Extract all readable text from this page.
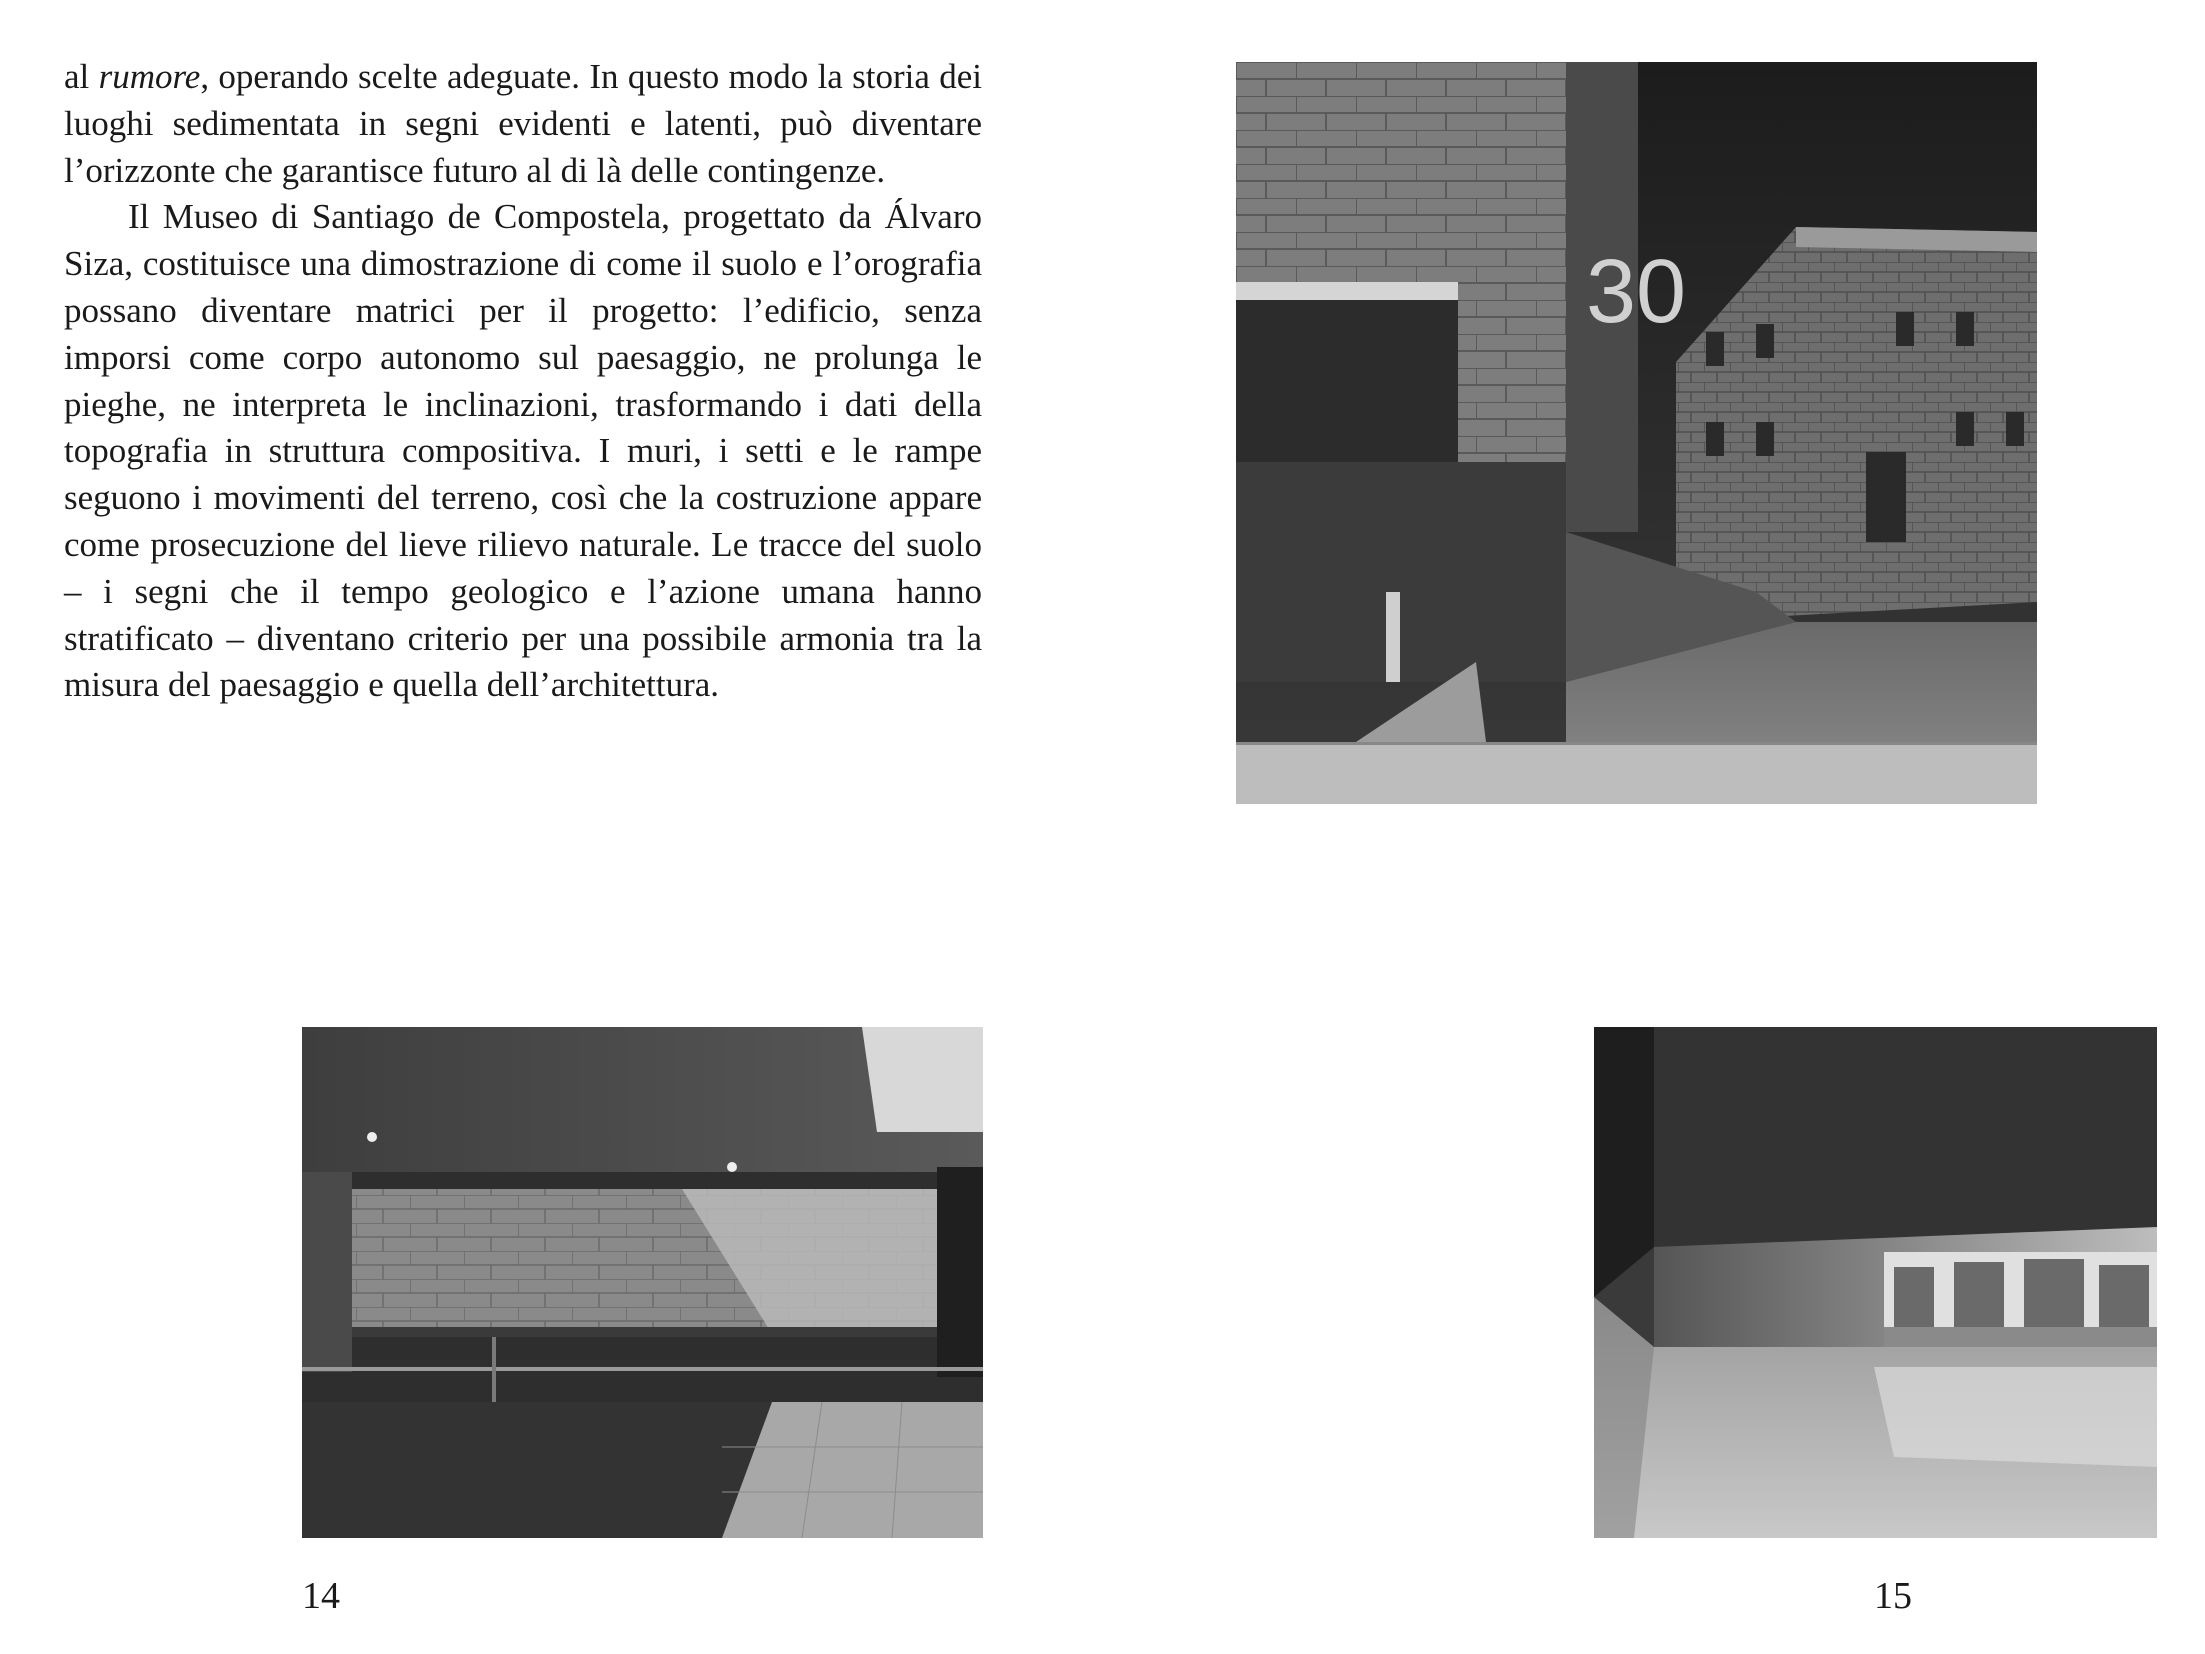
al rumore, operando scelte adeguate. In questo modo la storia dei luoghi sedimentata in segni evidenti e latenti, può diventare l’orizzonte che garantisce futuro al di là delle contingenze.

Il Museo di Santiago de Compostela, progettato da Álvaro Siza, costituisce una dimostrazione di come il suolo e l’orografia possano diventare matrici per il progetto: l’edificio, senza imporsi come corpo autonomo sul paesaggio, ne prolunga le pieghe, ne interpreta le inclinazioni, trasformando i dati della topografia in struttura compositiva. I muri, i setti e le rampe seguono i movimenti del terreno, così che la costruzione appare come prosecuzione del lieve rilievo naturale. Le tracce del suolo – i segni che il tempo geologico e l’azione umana hanno stratificato – diventano criterio per una possibile armonia tra la misura del paesaggio e quella dell’architettura.

30
14	15
